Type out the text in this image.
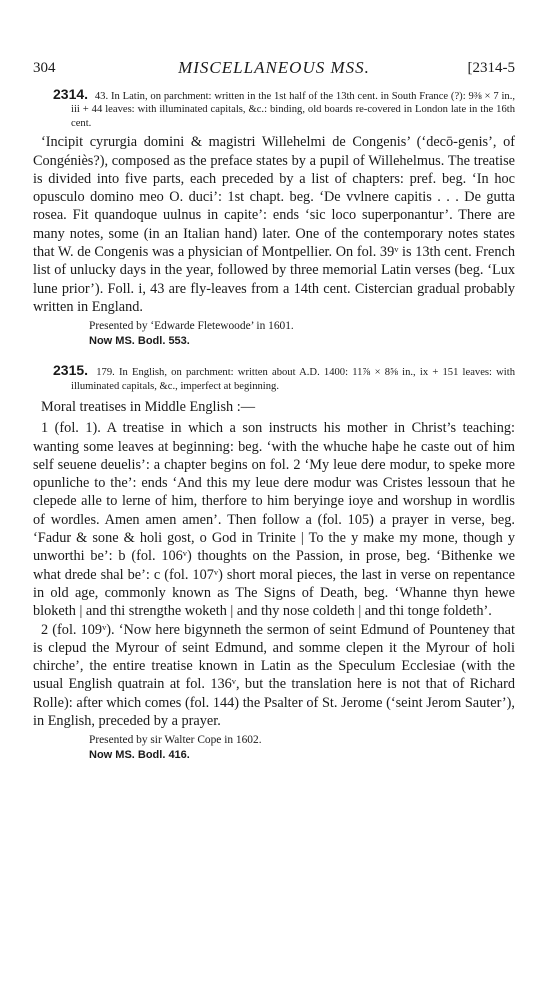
304	MISCELLANEOUS MSS.	[2314-5
2314. 43. In Latin, on parchment: written in the 1st half of the 13th cent. in South France (?): 9⅜ × 7 in., iii + 44 leaves: with illuminated capitals, &c.: binding, old boards re-covered in London late in the 16th cent.

‘Incipit cyrurgia domini & magistri Willehelmi de Congenis’ (‘decō-genis’, of Congéniès?), composed as the preface states by a pupil of Willehelmus. The treatise is divided into five parts, each preceded by a list of chapters: pref. beg. ‘In hoc opusculo domino meo O. duci’: 1st chapt. beg. ‘De vvlnere capitis . . . De gutta rosea. Fit quandoque uulnus in capite’: ends ‘sic loco superponantur’. There are many notes, some (in an Italian hand) later. One of the contemporary notes states that W. de Congenis was a physician of Montpellier. On fol. 39ᵛ is 13th cent. French list of unlucky days in the year, followed by three memorial Latin verses (beg. ‘Lux lune prior’). Foll. i, 43 are fly-leaves from a 14th cent. Cistercian gradual probably written in England.

Presented by ‘Edwarde Fletewoode’ in 1601.
Now MS. Bodl. 553.
2315. 179. In English, on parchment: written about A.D. 1400: 11⅞ × 8⅝ in., ix + 151 leaves: with illuminated capitals, &c., imperfect at beginning.
Moral treatises in Middle English :—

1 (fol. 1). A treatise in which a son instructs his mother in Christ’s teaching: wanting some leaves at beginning: beg. ‘with the whuche haþe he caste out of him self seuene deuelis’: a chapter begins on fol. 2 ‘My leue dere modur, to speke more opunliche to the’: ends ‘And this my leue dere modur was Cristes lessoun that he clepede alle to lerne of him, therfore to him beryinge ioye and worshup in wordlis of wordles. Amen amen amen’. Then follow a (fol. 105) a prayer in verse, beg. ‘Fadur & sone & holi gost, o God in Trinite | To the y make my mone, though y unworthi be’: b (fol. 106ᵛ) thoughts on the Passion, in prose, beg. ‘Bithenke we what drede shal be’: c (fol. 107ᵛ) short moral pieces, the last in verse on repentance in old age, commonly known as The Signs of Death, beg. ‘Whanne thyn hewe bloketh | and thi strengthe woketh | and thy nose coldeth | and thi tonge foldeth’.

2 (fol. 109ᵛ). ‘Now here bigynneth the sermon of seint Edmund of Pounteney that is clepud the Myrour of seint Edmund, and somme clepen it the Myrour of holi chirche’, the entire treatise known in Latin as the Speculum Ecclesiae (with the usual English quatrain at fol. 136ᵛ, but the translation here is not that of Richard Rolle): after which comes (fol. 144) the Psalter of St. Jerome (‘seint Jerom Sauter’), in English, preceded by a prayer.

Presented by sir Walter Cope in 1602.
Now MS. Bodl. 416.
